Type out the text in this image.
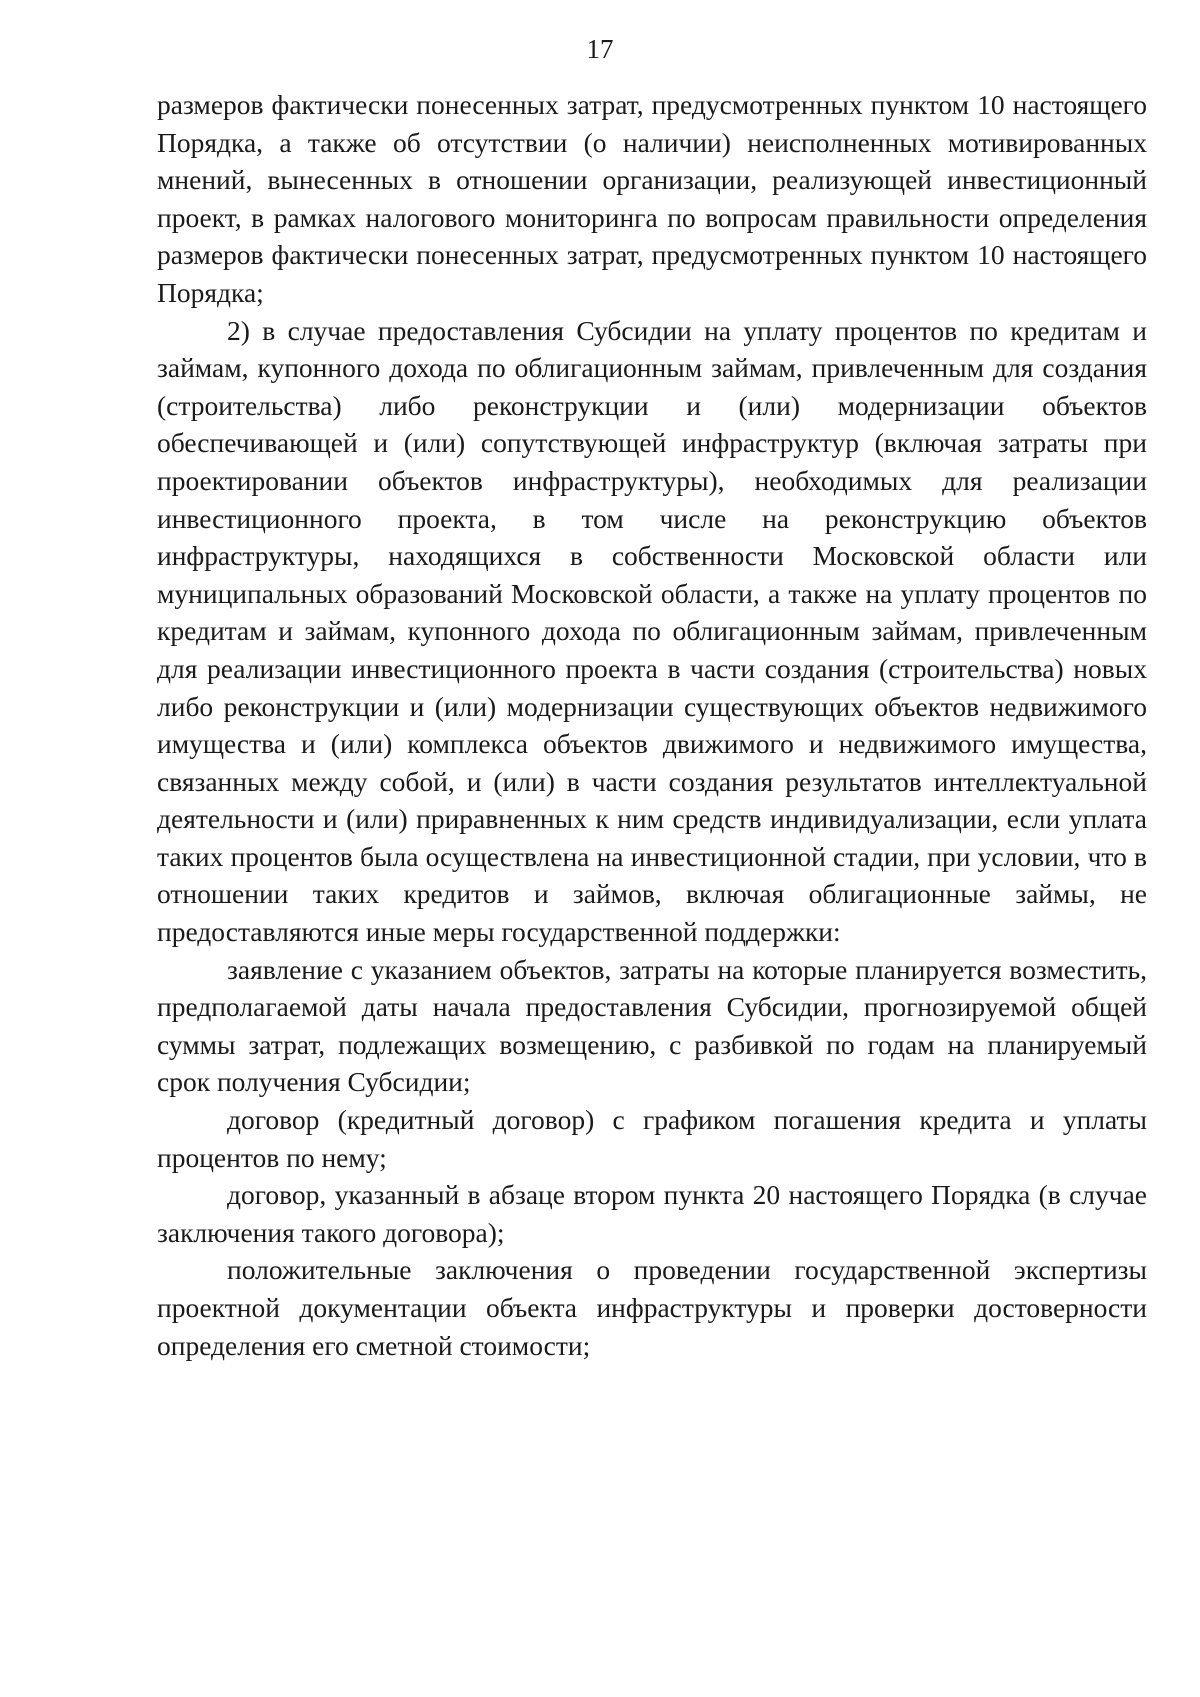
17

размеров фактически понесенных затрат, предусмотренных пунктом 10 настоящего Порядка, а также об отсутствии (о наличии) неисполненных мотивированных мнений, вынесенных в отношении организации, реализующей инвестиционный проект, в рамках налогового мониторинга по вопросам правильности определения размеров фактически понесенных затрат, предусмотренных пунктом 10 настоящего Порядка;

2) в случае предоставления Субсидии на уплату процентов по кредитам и займам, купонного дохода по облигационным займам, привлеченным для создания (строительства) либо реконструкции и (или) модернизации объектов обеспечивающей и (или) сопутствующей инфраструктур (включая затраты при проектировании объектов инфраструктуры), необходимых для реализации инвестиционного проекта, в том числе на реконструкцию объектов инфраструктуры, находящихся в собственности Московской области или муниципальных образований Московской области, а также на уплату процентов по кредитам и займам, купонного дохода по облигационным займам, привлеченным для реализации инвестиционного проекта в части создания (строительства) новых либо реконструкции и (или) модернизации существующих объектов недвижимого имущества и (или) комплекса объектов движимого и недвижимого имущества, связанных между собой, и (или) в части создания результатов интеллектуальной деятельности и (или) приравненных к ним средств индивидуализации, если уплата таких процентов была осуществлена на инвестиционной стадии, при условии, что в отношении таких кредитов и займов, включая облигационные займы, не предоставляются иные меры государственной поддержки:

заявление с указанием объектов, затраты на которые планируется возместить, предполагаемой даты начала предоставления Субсидии, прогнозируемой общей суммы затрат, подлежащих возмещению, с разбивкой по годам на планируемый срок получения Субсидии;

договор (кредитный договор) с графиком погашения кредита и уплаты процентов по нему;

договор, указанный в абзаце втором пункта 20 настоящего Порядка (в случае заключения такого договора);

положительные заключения о проведении государственной экспертизы проектной документации объекта инфраструктуры и проверки достоверности определения его сметной стоимости;
